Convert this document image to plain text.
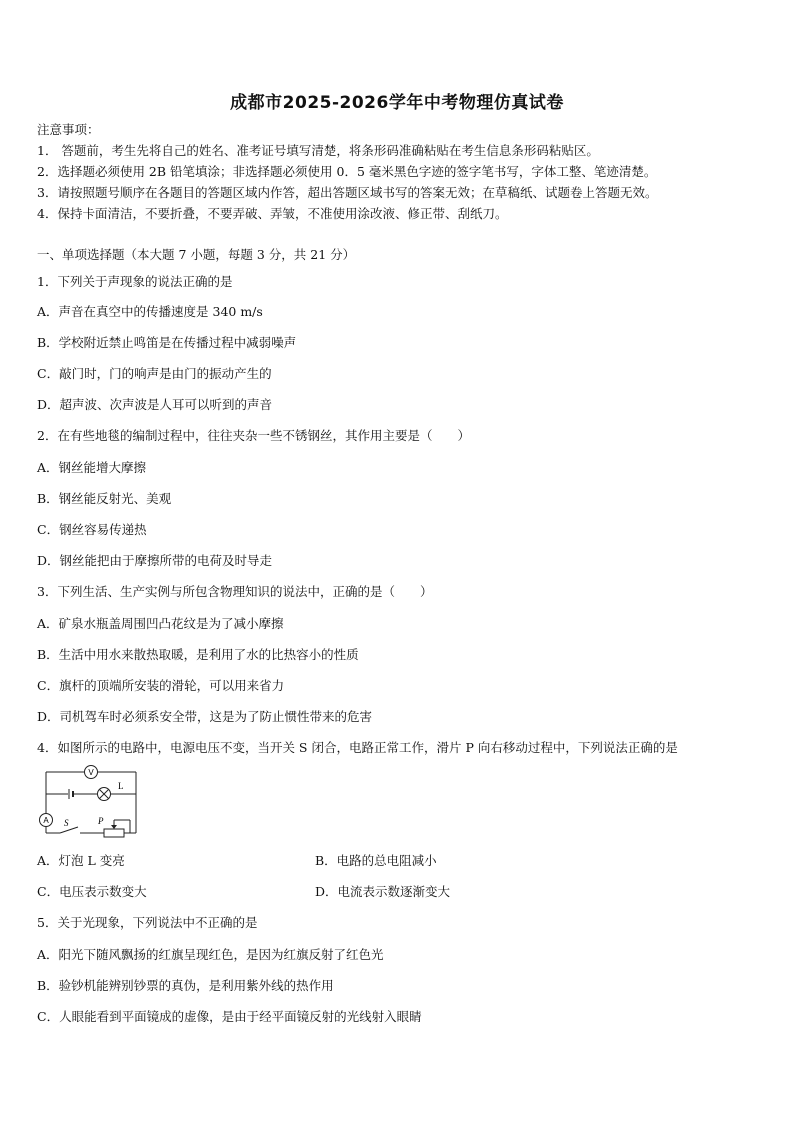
成都市2025-2026学年中考物理仿真试卷
注意事项：
1． 答题前，考生先将自己的姓名、准考证号填写清楚，将条形码准确粘贴在考生信息条形码粘贴区。
2．选择题必须使用 2B 铅笔填涂；非选择题必须使用 0．5 毫米黑色字迹的签字笔书写，字体工整、笔迹清楚。
3．请按照题号顺序在各题目的答题区域内作答，超出答题区域书写的答案无效；在草稿纸、试题卷上答题无效。
4．保持卡面清洁，不要折叠，不要弄破、弄皱，不准使用涂改液、修正带、刮纸刀。
一、单项选择题（本大题 7 小题，每题 3 分，共 21 分）
1．下列关于声现象的说法正确的是
A．声音在真空中的传播速度是 340 m/s
B．学校附近禁止鸣笛是在传播过程中减弱噪声
C．敲门时，门的响声是由门的振动产生的
D．超声波、次声波是人耳可以听到的声音
2．在有些地毯的编制过程中，往往夹杂一些不锈钢丝，其作用主要是（　　）
A．钢丝能增大摩擦
B．钢丝能反射光、美观
C．钢丝容易传递热
D．钢丝能把由于摩擦所带的电荷及时导走
3．下列生活、生产实例与所包含物理知识的说法中，正确的是（　　）
A．矿泉水瓶盖周围凹凸花纹是为了减小摩擦
B．生活中用水来散热取暖，是利用了水的比热容小的性质
C．旗杆的顶端所安装的滑轮，可以用来省力
D．司机驾车时必须系安全带，这是为了防止惯性带来的危害
4．如图所示的电路中，电源电压不变，当开关 S 闭合，电路正常工作，滑片 P 向右移动过程中，下列说法正确的是
V
L
A S	P
A．灯泡 L 变亮	B．电路的总电阻减小
C．电压表示数变大	D．电流表示数逐渐变大
5．关于光现象，下列说法中不正确的是
A．阳光下随风飘扬的红旗呈现红色，是因为红旗反射了红色光
B．验钞机能辨别钞票的真伪，是利用紫外线的热作用
C．人眼能看到平面镜成的虚像，是由于经平面镜反射的光线射入眼睛
